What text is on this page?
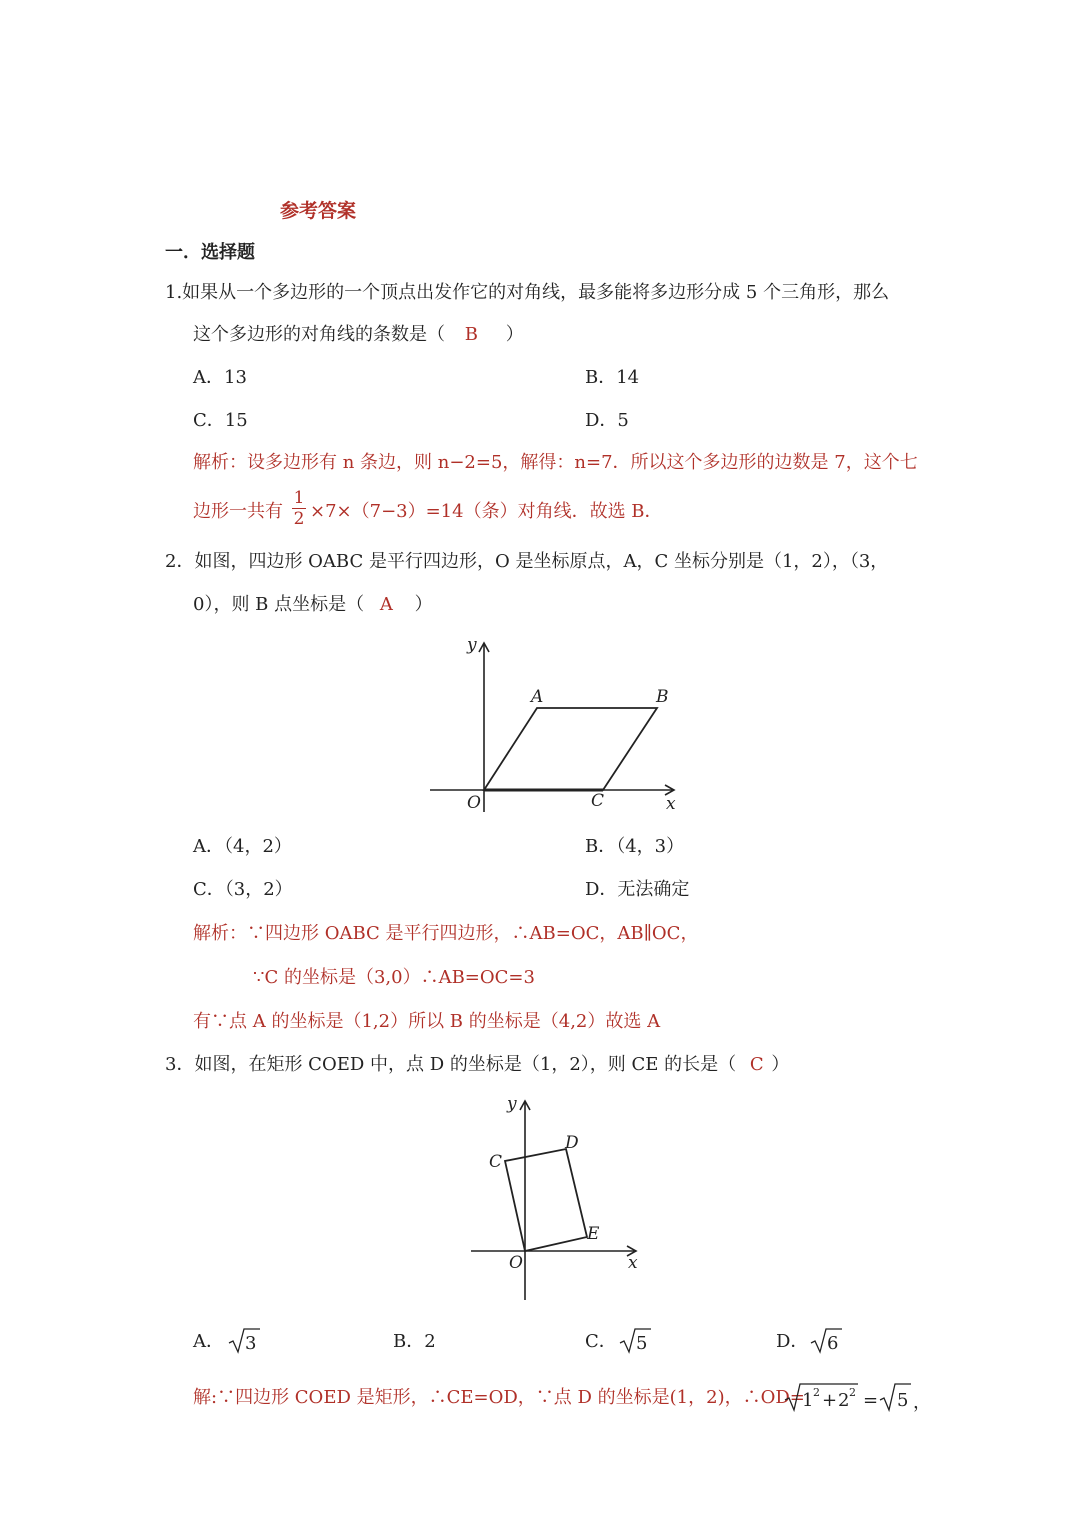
参考答案
一．选择题
1.如果从一个多边形的一个顶点出发作它的对角线，最多能将多边形分成 5 个三角形，那么
这个多边形的对角线的条数是（ B ）
A．13	B．14
C．15	D．5
解析：设多边形有 n 条边，则 n−2=5，解得：n=7．所以这个多边形的边数是 7，这个七
边形一共有
1
2 ×7×（7−3）=14（条）对角线．故选 B．
2．如图，四边形 OABC 是平行四边形，O 是坐标原点，A，C 坐标分别是（1，2），（3，
0），则 B 点坐标是（ A ）
y
x
O
A	B
C
A．（4，2）	B．（4，3）
C．（3，2）	D．无法确定
解析：∵四边形 OABC 是平行四边形，∴AB=OC，AB∥OC，
∵C 的坐标是（3,0）∴AB=OC=3
有∵点 A 的坐标是（1,2）所以 B 的坐标是（4,2）故选 A
3．如图，在矩形 COED 中，点 D 的坐标是（1，2），则 CE 的长是（ C ）
y
x
O
C
D
E
A． 3	B．2	C． 5	D． 6
解:∵四边形 COED 是矩形，∴CE=OD，∵点 D 的坐标是(1，2)，∴OD=
1 2 + 2 2 = 5 ，
